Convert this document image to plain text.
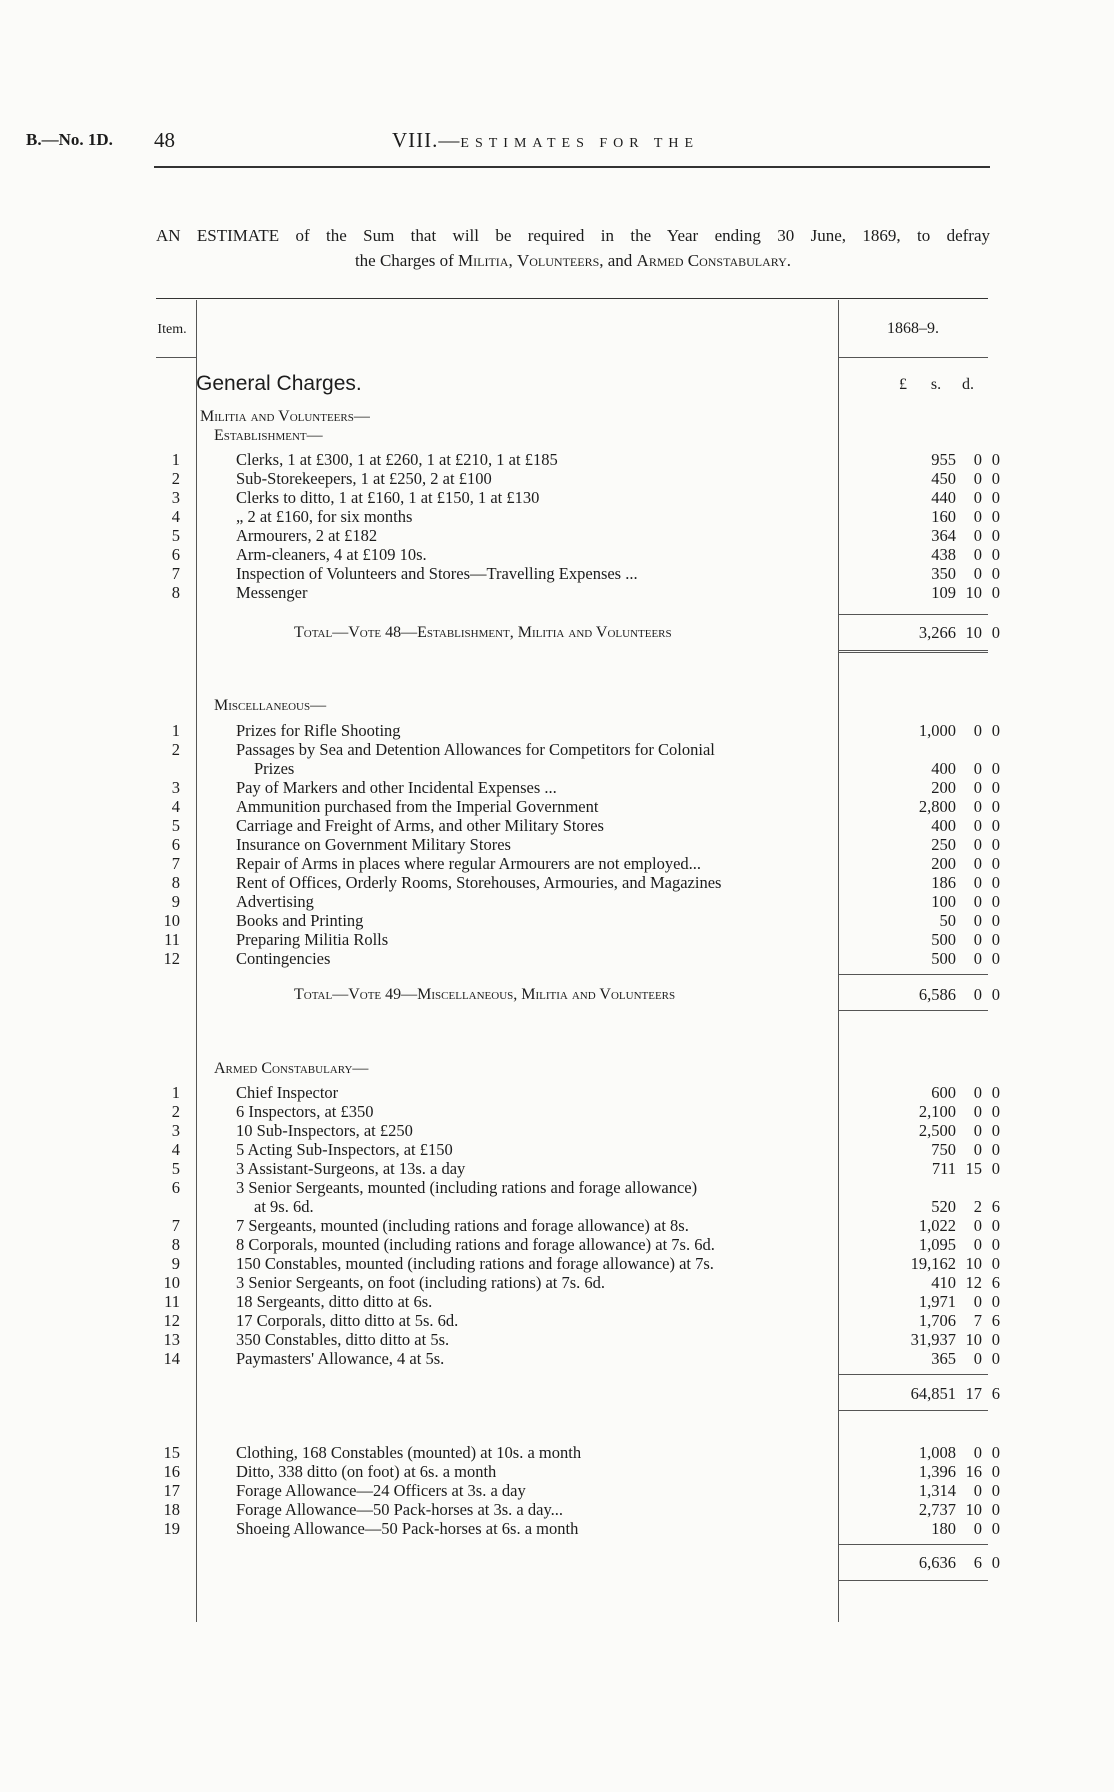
B.—No. 1D. 48	VIII.—ESTIMATES FOR THE
AN ESTIMATE of the Sum that will be required in the Year ending 30 June, 1869, to defray
the Charges of Militia, Volunteers, and Armed Constabulary.
Item.	1868–9.
General Charges.	£ s. d.
Militia and Volunteers—
Establishment—
1	Clerks, 1 at £300, 1 at £260, 1 at £210, 1 at £185	955	0 0
2	Sub-Storekeepers, 1 at £250, 2 at £100	450	0 0
3	Clerks to ditto, 1 at £160, 1 at £150, 1 at £130	440	0 0
4	„ 2 at £160, for six months	160	0 0
5	Armourers, 2 at £182	364	0 0
6	Arm-cleaners, 4 at £109 10s.	438	0 0
7	Inspection of Volunteers and Stores—Travelling Expenses ...	350	0 0
8	Messenger	109 10 0
Total—Vote 48—Establishment, Militia and Volunteers	3,266 10 0
Miscellaneous—
1	Prizes for Rifle Shooting	1,000	0 0
2	Passages by Sea and Detention Allowances for Competitors for Colonial
Prizes	400	0 0
3	Pay of Markers and other Incidental Expenses ...	200	0 0
4	Ammunition purchased from the Imperial Government	2,800	0 0
5	Carriage and Freight of Arms, and other Military Stores	400	0 0
6	Insurance on Government Military Stores	250	0 0
7	Repair of Arms in places where regular Armourers are not employed...	200	0 0
8	Rent of Offices, Orderly Rooms, Storehouses, Armouries, and Magazines	186	0 0
9	Advertising	100	0 0
10	Books and Printing	50	0 0
11	Preparing Militia Rolls	500	0 0
12	Contingencies	500	0 0
Total—Vote 49—Miscellaneous, Militia and Volunteers	6,586	0 0
Armed Constabulary—
1	Chief Inspector	600	0 0
2	6 Inspectors, at £350	2,100	0 0
3	10 Sub-Inspectors, at £250	2,500	0 0
4	5 Acting Sub-Inspectors, at £150	750	0 0
5	3 Assistant-Surgeons, at 13s. a day	711 15 0
6	3 Senior Sergeants, mounted (including rations and forage allowance)
at 9s. 6d.	520	2 6
7	7 Sergeants, mounted (including rations and forage allowance) at 8s.	1,022	0 0
8	8 Corporals, mounted (including rations and forage allowance) at 7s. 6d.	1,095	0 0
9	150 Constables, mounted (including rations and forage allowance) at 7s.	19,162 10 0
10	3 Senior Sergeants, on foot (including rations) at 7s. 6d.	410 12 6
11	18 Sergeants, ditto ditto at 6s.	1,971	0 0
12	17 Corporals, ditto ditto at 5s. 6d.	1,706	7 6
13	350 Constables, ditto ditto at 5s.	31,937 10 0
14	Paymasters' Allowance, 4 at 5s.	365	0 0
64,851 17 6
15	Clothing, 168 Constables (mounted) at 10s. a month	1,008	0 0
16	Ditto, 338 ditto (on foot) at 6s. a month	1,396 16 0
17	Forage Allowance—24 Officers at 3s. a day	1,314	0 0
18	Forage Allowance—50 Pack-horses at 3s. a day...	2,737 10 0
19	Shoeing Allowance—50 Pack-horses at 6s. a month	180	0 0
6,636	6 0
